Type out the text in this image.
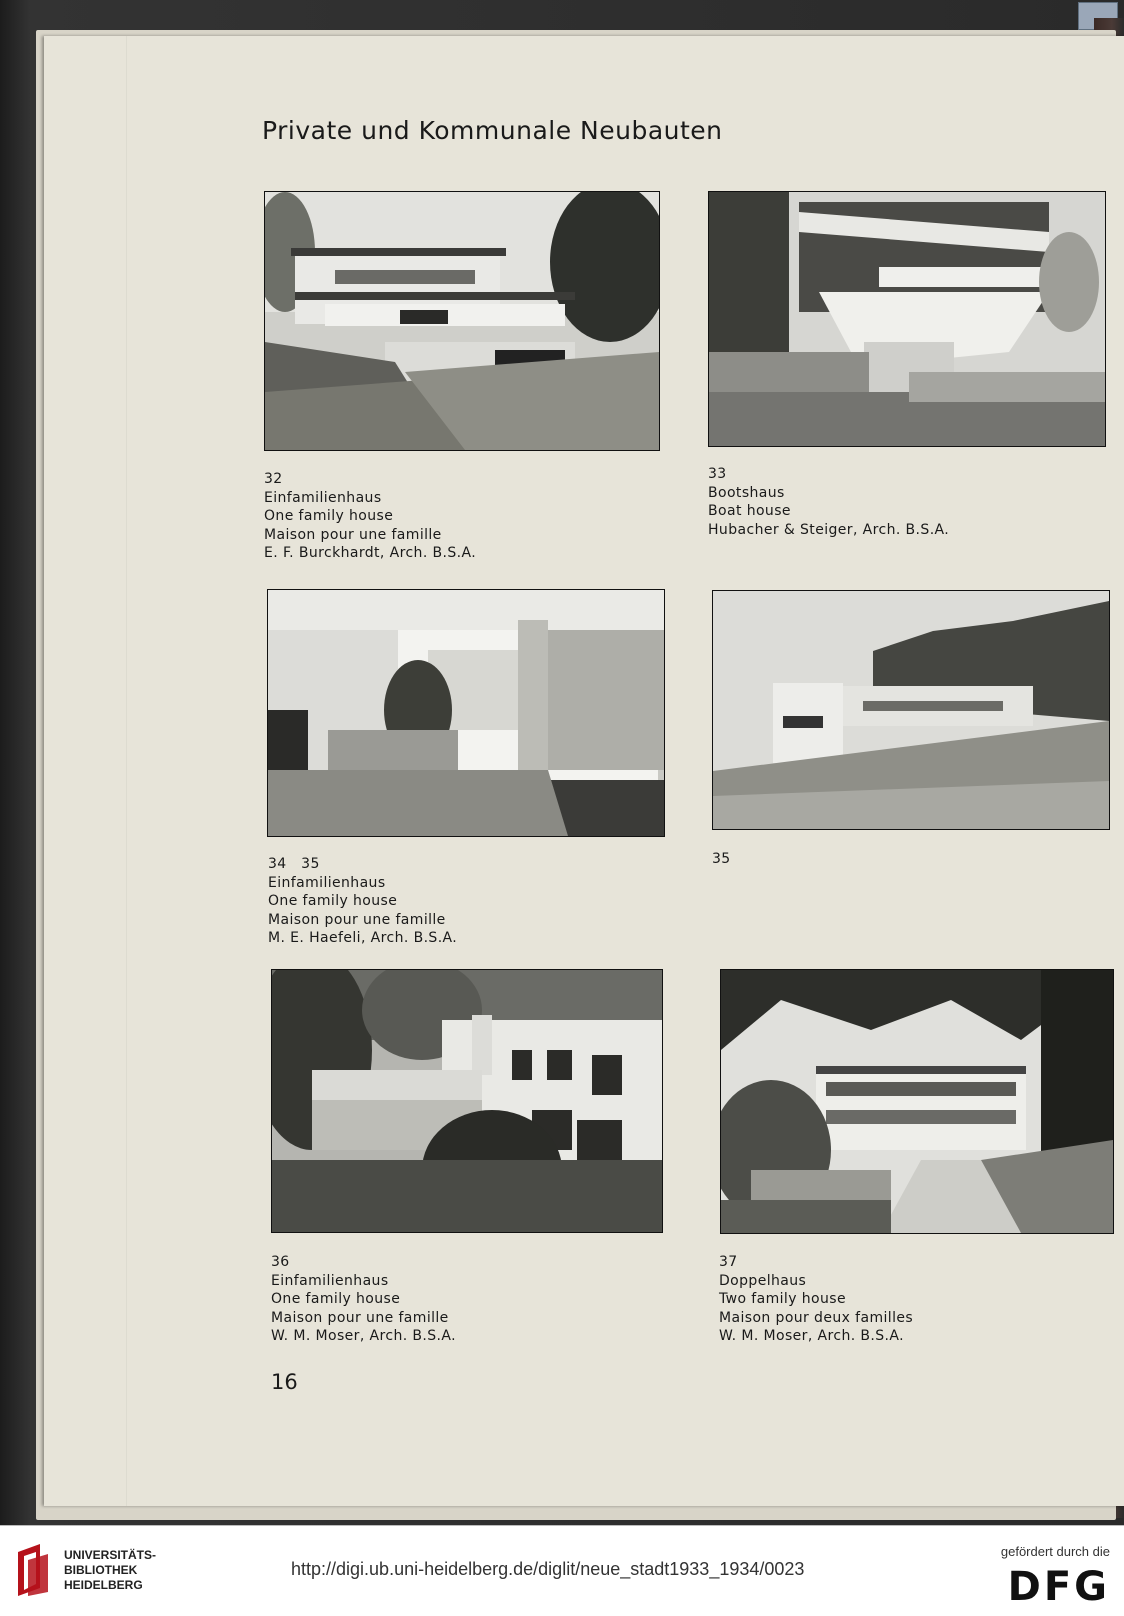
Private und Kommunale Neubauten
32
Einfamilienhaus
One family house
Maison pour une famille
E. F. Burckhardt, Arch. B.S.A.
33
Bootshaus
Boat house
Hubacher & Steiger, Arch. B.S.A.
34   35
Einfamilienhaus
One family house
Maison pour une famille
M. E. Haefeli, Arch. B.S.A.
35
36
Einfamilienhaus
One family house
Maison pour une famille
W. M. Moser, Arch. B.S.A.
37
Doppelhaus
Two family house
Maison pour deux familles
W. M. Moser, Arch. B.S.A.
16
UNIVERSITÄTS-
BIBLIOTHEK
HEIDELBERG
http://digi.ub.uni-heidelberg.de/diglit/neue_stadt1933_1934/0023
gefördert durch die
DFG
